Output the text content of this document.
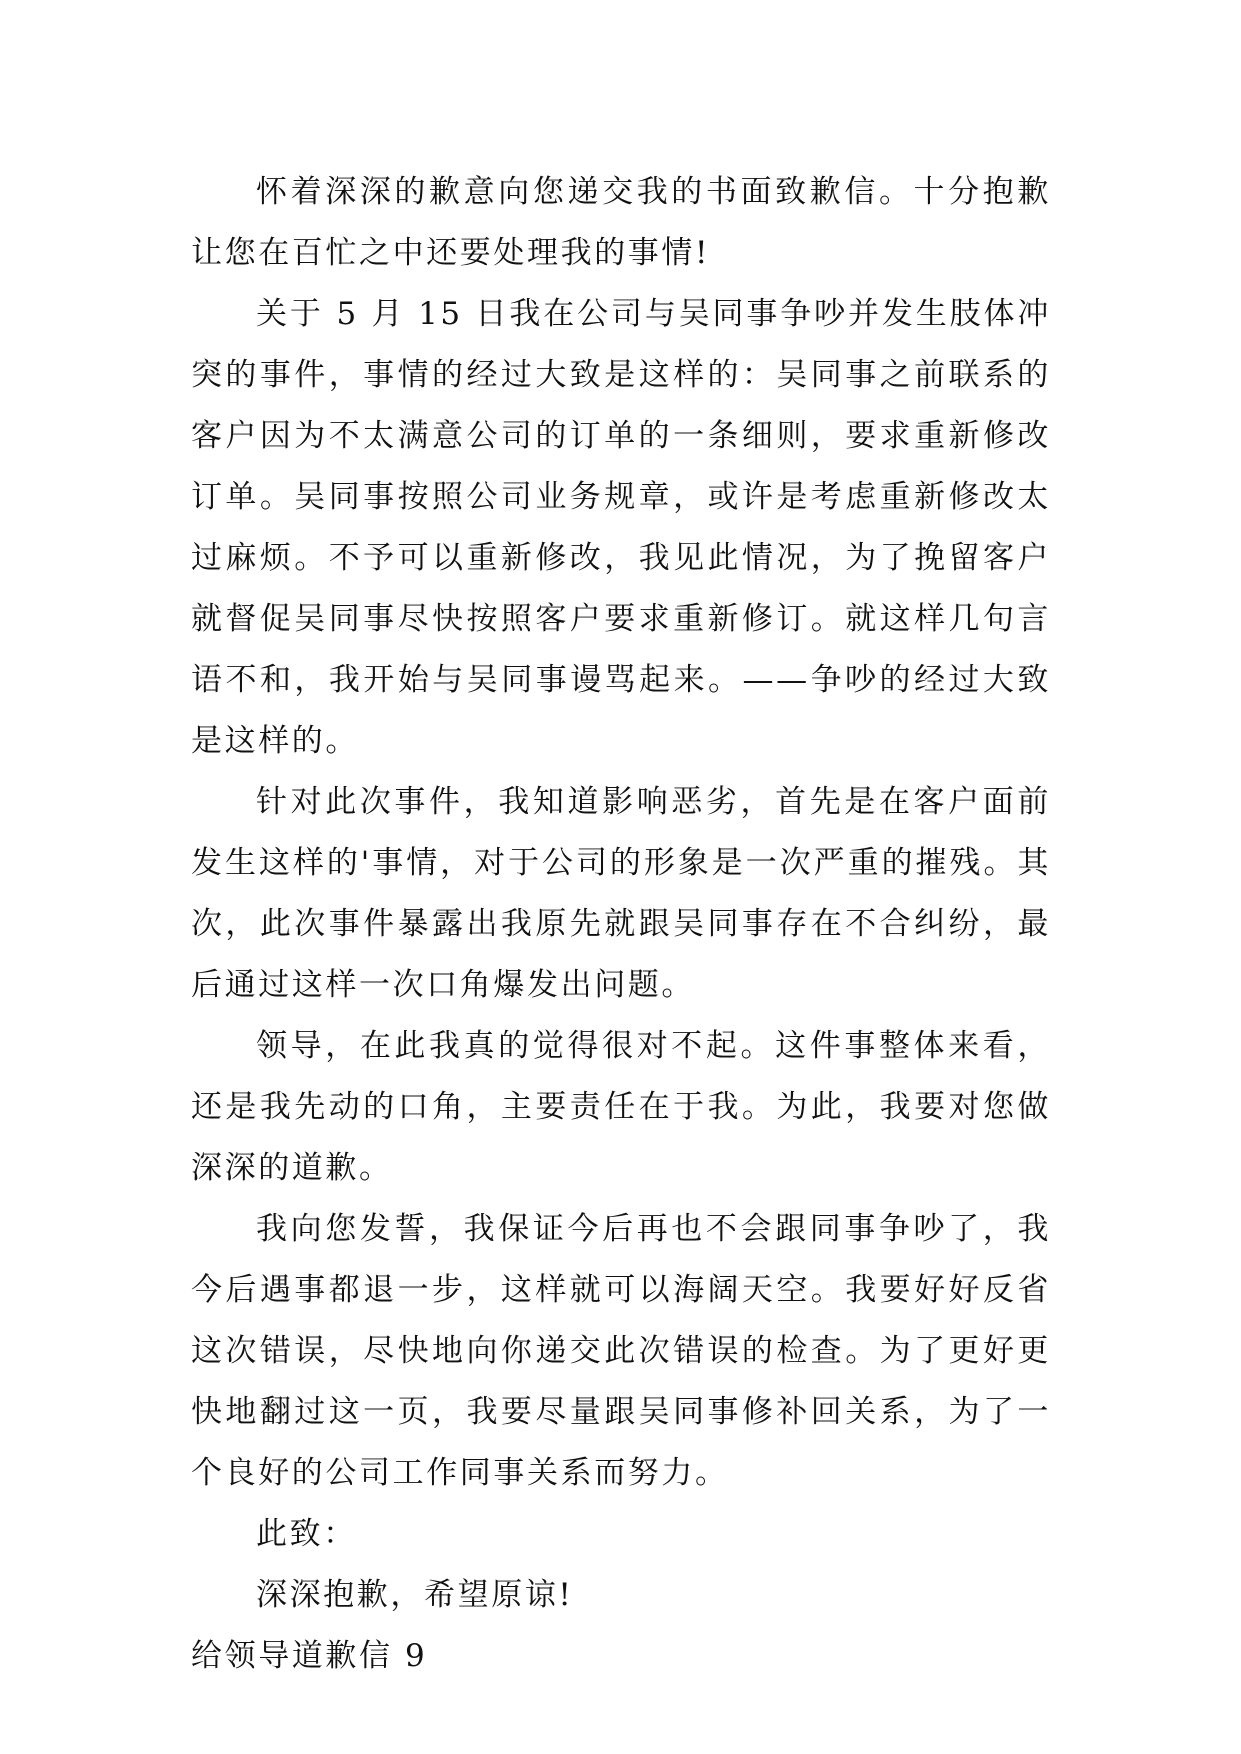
怀着深深的歉意向您递交我的书面致歉信。十分抱歉让您在百忙之中还要处理我的事情!

关于 5 月 15 日我在公司与吴同事争吵并发生肢体冲突的事件，事情的经过大致是这样的：吴同事之前联系的客户因为不太满意公司的订单的一条细则，要求重新修改订单。吴同事按照公司业务规章，或许是考虑重新修改太过麻烦。不予可以重新修改，我见此情况，为了挽留客户就督促吴同事尽快按照客户要求重新修订。就这样几句言语不和，我开始与吴同事谩骂起来。——争吵的经过大致是这样的。

针对此次事件，我知道影响恶劣，首先是在客户面前发生这样的'事情，对于公司的形象是一次严重的摧残。其次，此次事件暴露出我原先就跟吴同事存在不合纠纷，最后通过这样一次口角爆发出问题。

领导，在此我真的觉得很对不起。这件事整体来看，还是我先动的口角，主要责任在于我。为此，我要对您做深深的道歉。

我向您发誓，我保证今后再也不会跟同事争吵了，我今后遇事都退一步，这样就可以海阔天空。我要好好反省这次错误，尽快地向你递交此次错误的检查。为了更好更快地翻过这一页，我要尽量跟吴同事修补回关系，为了一个良好的公司工作同事关系而努力。

此致：

深深抱歉，希望原谅!

给领导道歉信 9
